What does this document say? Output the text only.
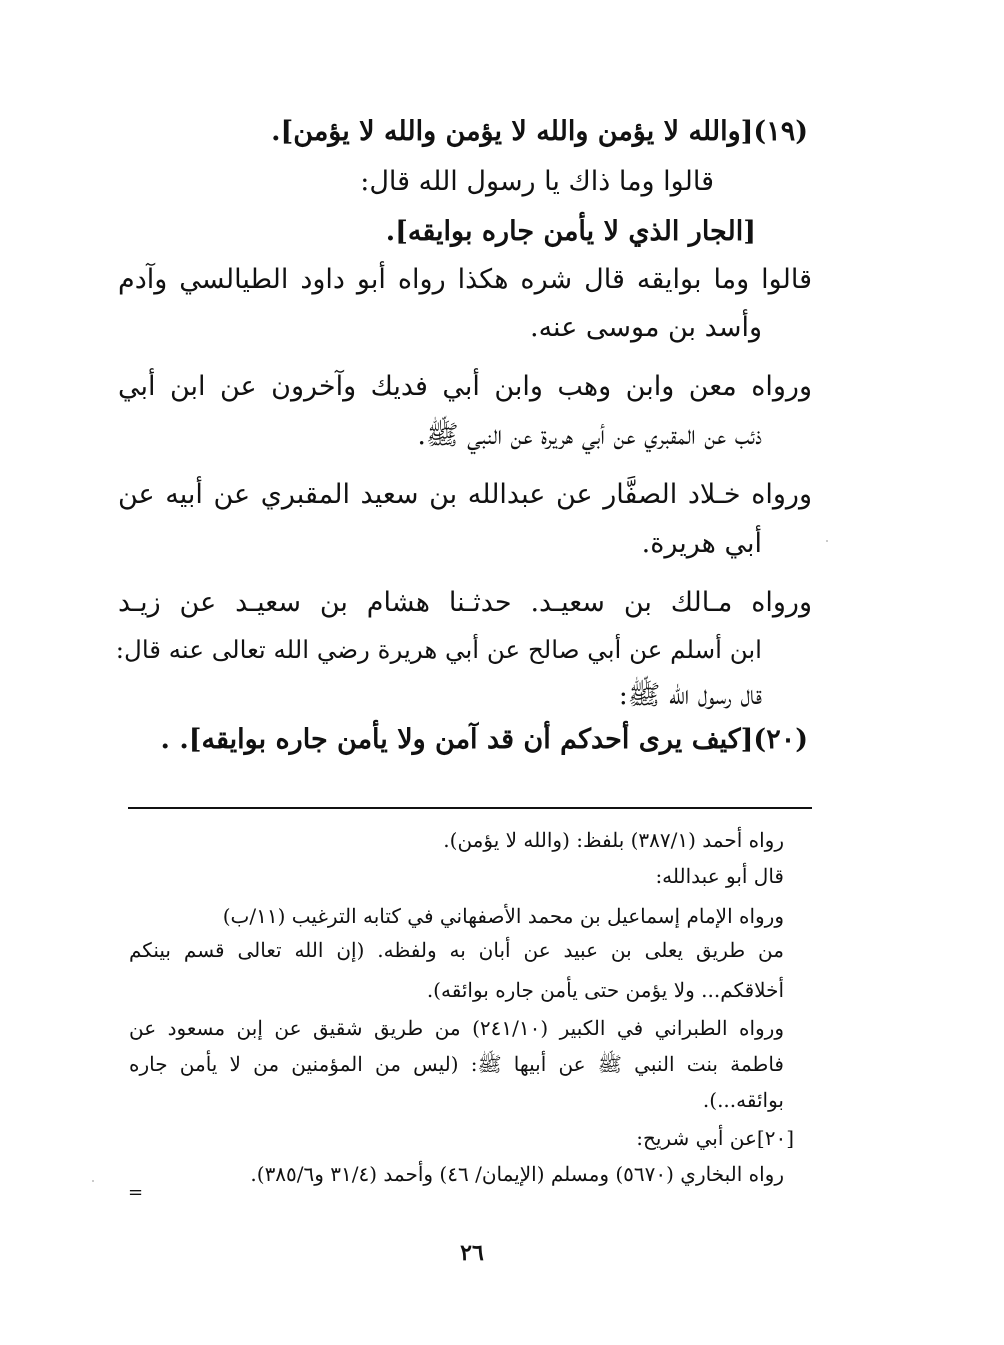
(١٩)[والله لا يؤمن والله لا يؤمن والله لا يؤمن].
قالوا وما ذاك يا رسول الله قال:
[الجار الذي لا يأمن جاره بوايقه].
قالوا وما بوايقه قال شره هكذا رواه أبو داود الطيالسي وآدم
وأسد بن موسى عنه.
ورواه معن وابن وهب وابن أبي فديك وآخرون عن ابن أبي
ذئب عن المقبري عن أبي هريرة عن النبي ﷺ.
ورواه خـلاد الصفَّار عن عبدالله بن سعيد المقبري عن أبيه عن
أبي هريرة.
ورواه مـالك بن سعيـد. حدثـنا هشام بن سعيـد عن زيـد
ابن أسلم عن أبي صالح عن أبي هريرة رضي الله تعالى عنه قال:
قال رسول الله ﷺ:
(٢٠)[كيف يرى أحدكم أن قد آمن ولا يأمن جاره بوايقه]. .
رواه أحمد (٣٨٧/١) بلفظ: (والله لا يؤمن).
قال أبو عبدالله:
ورواه الإمام إسماعيل بن محمد الأصفهاني في كتابه الترغيب (١١/ب)
من طريق يعلى بن عبيد عن أبان به ولفظه. (إن الله تعالى قسم بينكم
أخلاقكم... ولا يؤمن حتى يأمن جاره بوائقه).
ورواه الطبراني في الكبير (٢٤١/١٠) من طريق شقيق عن إبن مسعود عن
فاطمة بنت النبي ﷺ عن أبيها ﷺ: (ليس من المؤمنين من لا يأمن جاره
بوائقه...).
[٢٠]عن أبي شريح:
رواه البخاري (٥٦٧٠) ومسلم (الإيمان/ ٤٦) وأحمد (٣١/٤ و٣٨٥/٦).
=
٢٦
